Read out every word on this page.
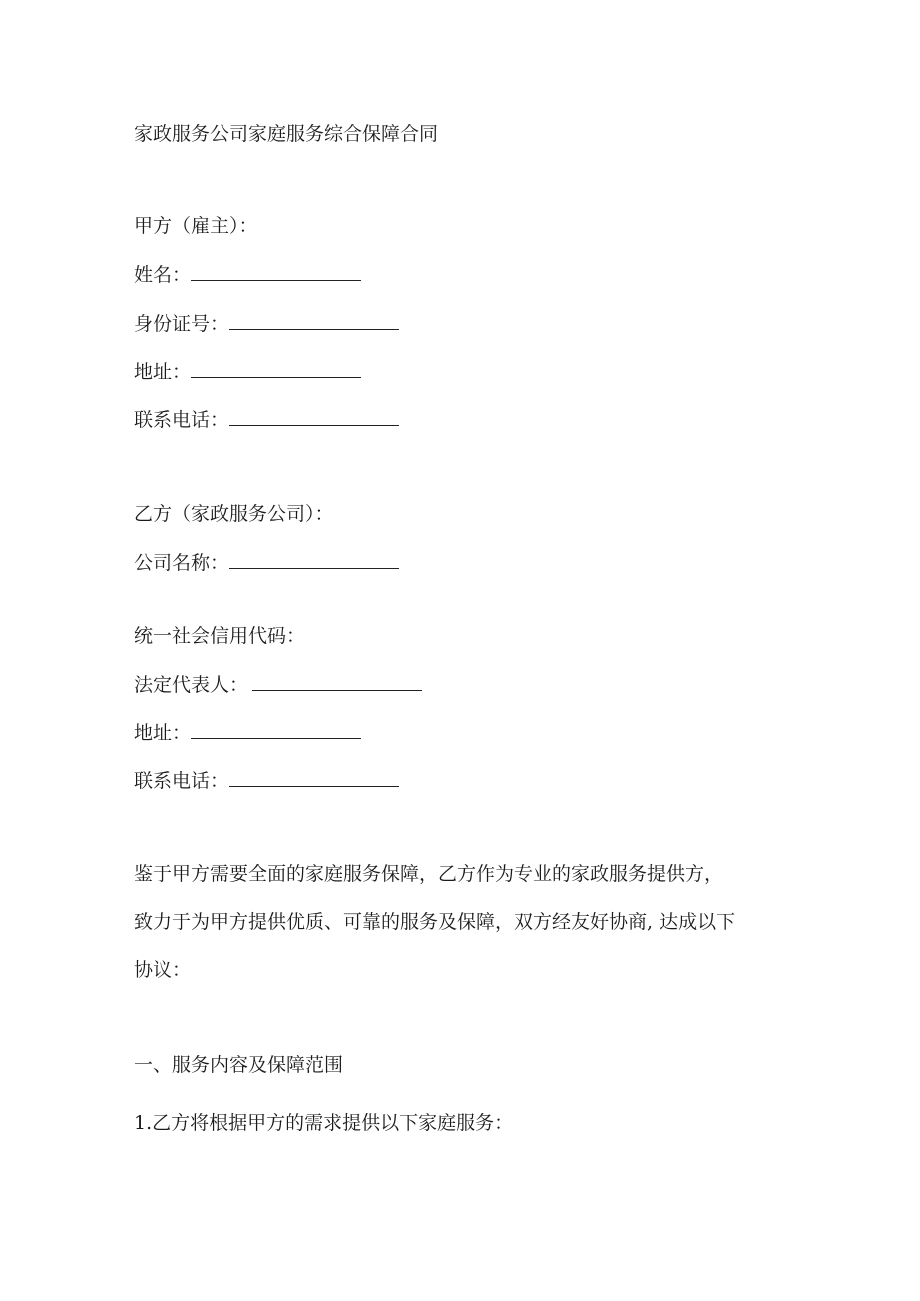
家政服务公司家庭服务综合保障合同
甲方（雇主）：
姓名：
身份证号：
地址：
联系电话：
乙方（家政服务公司）：
公司名称：
统一社会信用代码：
法定代表人：
地址：
联系电话：
鉴于甲方需要全面的家庭服务保障，乙方作为专业的家政服务提供方，
致力于为甲方提供优质、可靠的服务及保障，双方经友好协商, 达成以下
协议：
一、服务内容及保障范围
1.乙方将根据甲方的需求提供以下家庭服务：
